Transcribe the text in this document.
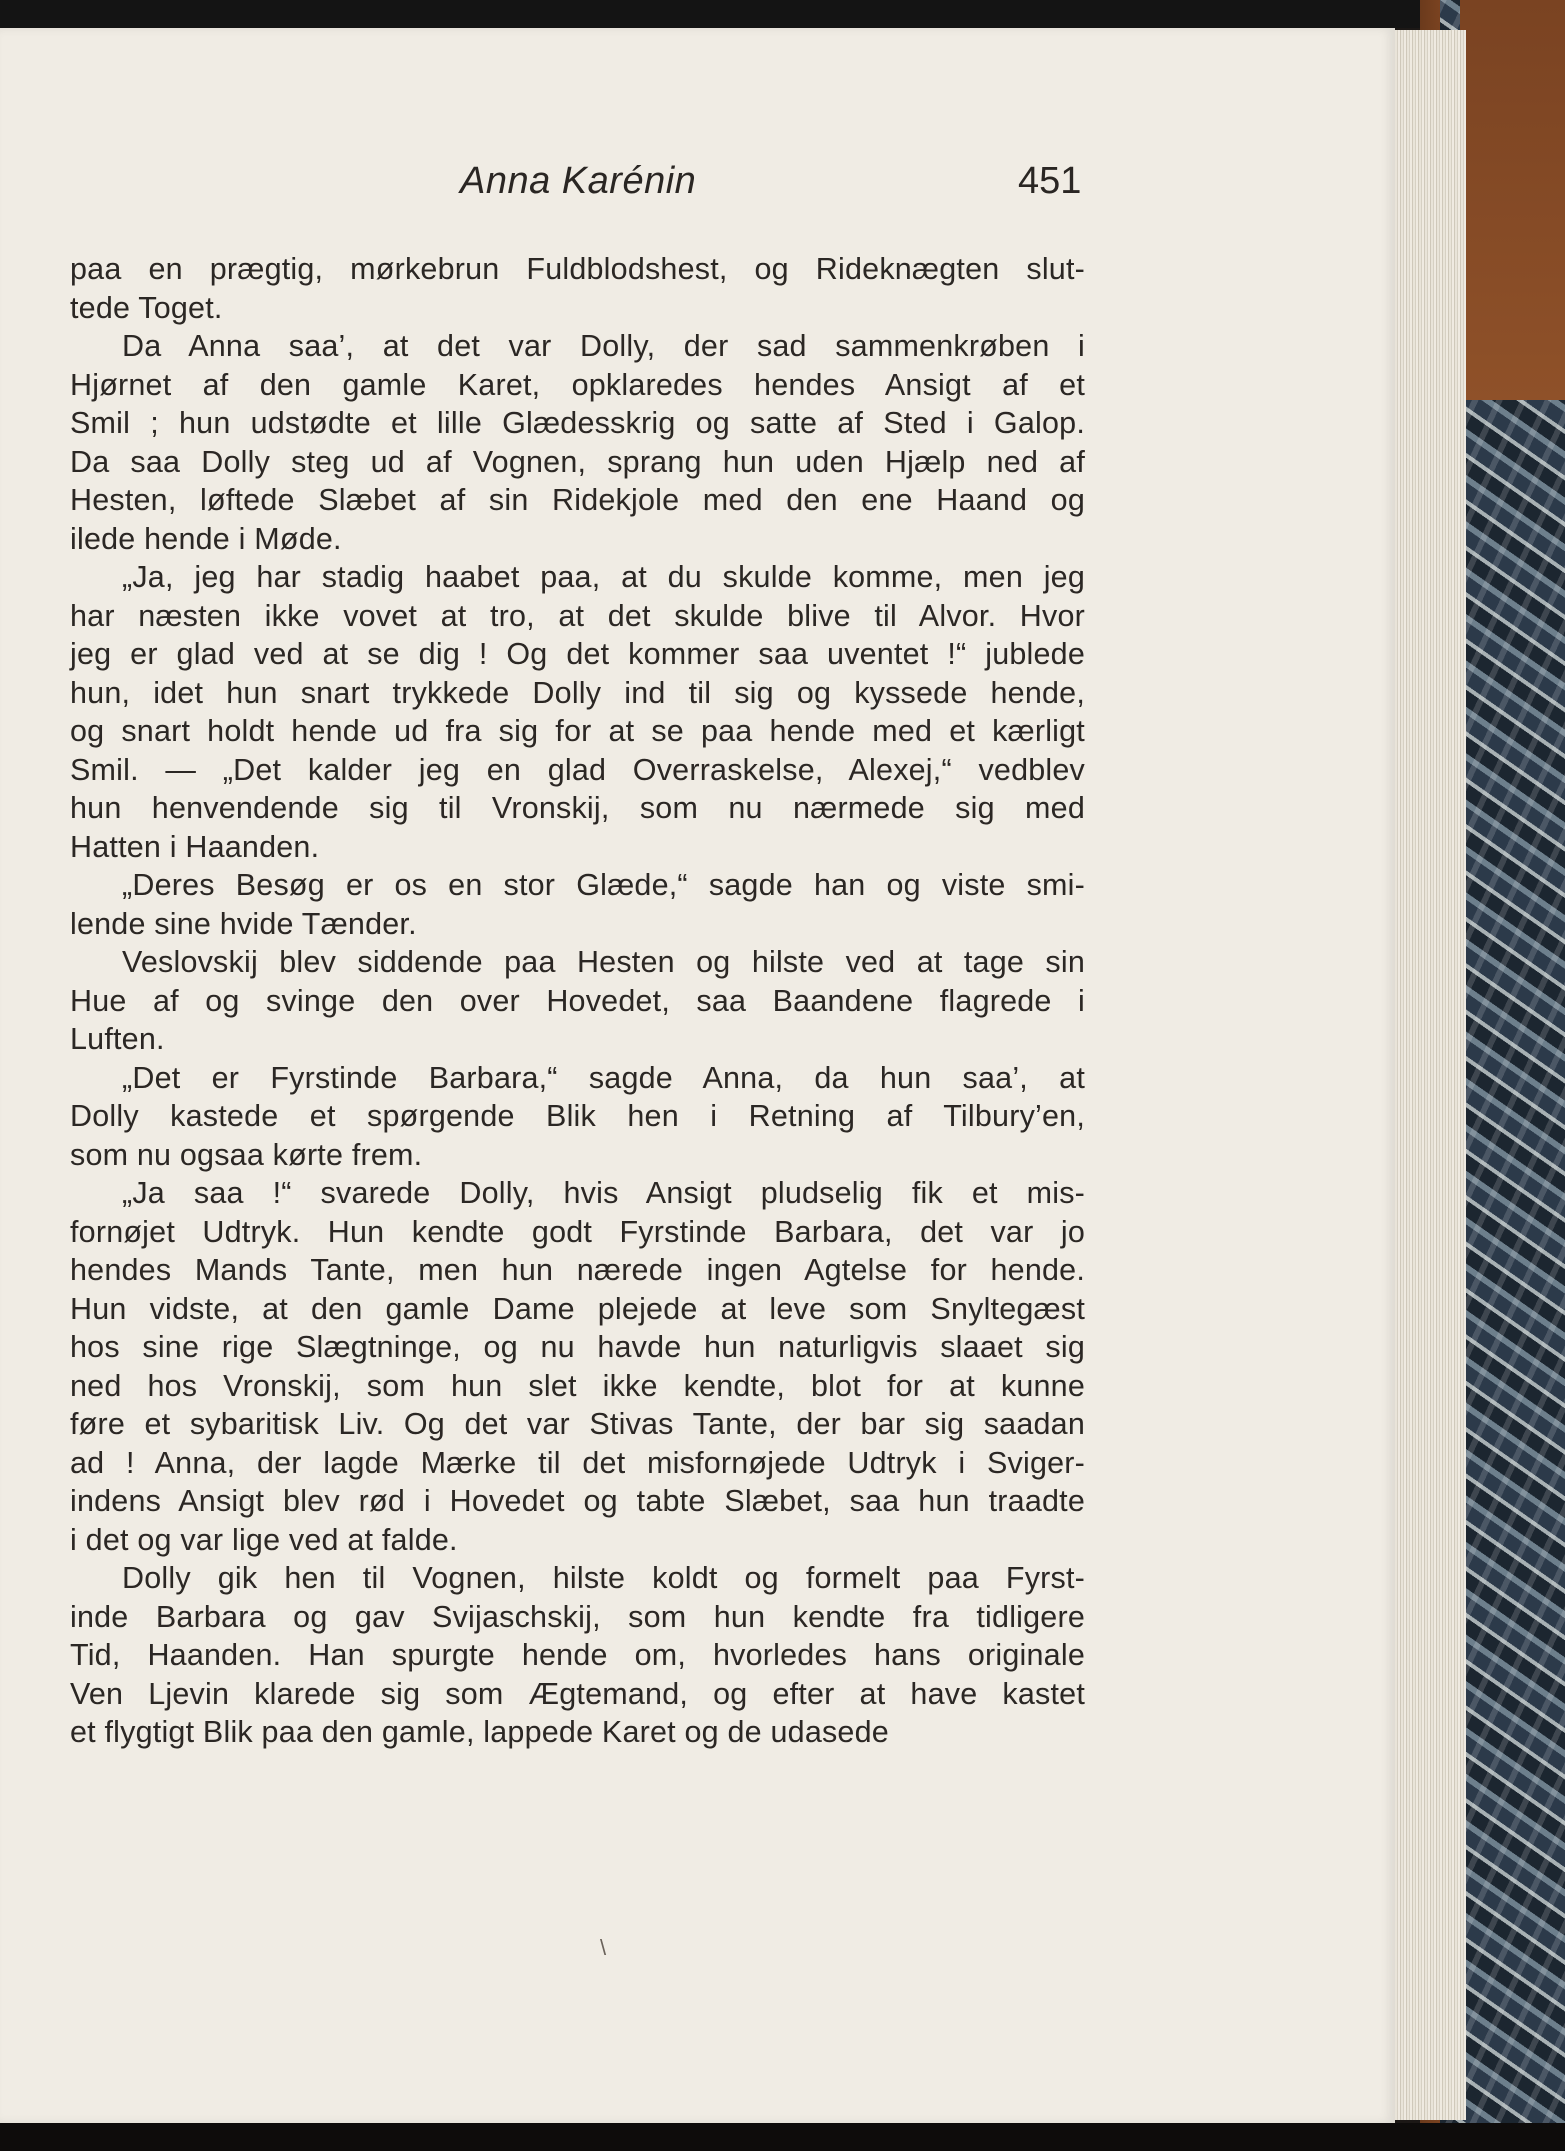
Anna Karénin	451
paa en prægtig, mørkebrun Fuldblodshest, og Rideknægten slut-
tede Toget.
Da Anna saa’, at det var Dolly, der sad sammenkrøben i
Hjørnet af den gamle Karet, opklaredes hendes Ansigt af et
Smil ; hun udstødte et lille Glædesskrig og satte af Sted i Galop.
Da saa Dolly steg ud af Vognen, sprang hun uden Hjælp ned af
Hesten, løftede Slæbet af sin Ridekjole med den ene Haand og
ilede hende i Møde.
„Ja, jeg har stadig haabet paa, at du skulde komme, men jeg
har næsten ikke vovet at tro, at det skulde blive til Alvor. Hvor
jeg er glad ved at se dig ! Og det kommer saa uventet !“ jublede
hun, idet hun snart trykkede Dolly ind til sig og kyssede hende,
og snart holdt hende ud fra sig for at se paa hende med et kærligt
Smil. — „Det kalder jeg en glad Overraskelse, Alexej,“ vedblev
hun henvendende sig til Vronskij, som nu nærmede sig med
Hatten i Haanden.
„Deres Besøg er os en stor Glæde,“ sagde han og viste smi-
lende sine hvide Tænder.
Veslovskij blev siddende paa Hesten og hilste ved at tage sin
Hue af og svinge den over Hovedet, saa Baandene flagrede i
Luften.
„Det er Fyrstinde Barbara,“ sagde Anna, da hun saa’, at
Dolly kastede et spørgende Blik hen i Retning af Tilbury’en,
som nu ogsaa kørte frem.
„Ja saa !“ svarede Dolly, hvis Ansigt pludselig fik et mis-
fornøjet Udtryk. Hun kendte godt Fyrstinde Barbara, det var jo
hendes Mands Tante, men hun nærede ingen Agtelse for hende.
Hun vidste, at den gamle Dame plejede at leve som Snyltegæst
hos sine rige Slægtninge, og nu havde hun naturligvis slaaet sig
ned hos Vronskij, som hun slet ikke kendte, blot for at kunne
føre et sybaritisk Liv. Og det var Stivas Tante, der bar sig saadan
ad ! Anna, der lagde Mærke til det misfornøjede Udtryk i Sviger-
indens Ansigt blev rød i Hovedet og tabte Slæbet, saa hun traadte
i det og var lige ved at falde.
Dolly gik hen til Vognen, hilste koldt og formelt paa Fyrst-
inde Barbara og gav Svijaschskij, som hun kendte fra tidligere
Tid, Haanden. Han spurgte hende om, hvorledes hans originale
Ven Ljevin klarede sig som Ægtemand, og efter at have kastet
et flygtigt Blik paa den gamle, lappede Karet og de udasede
\
